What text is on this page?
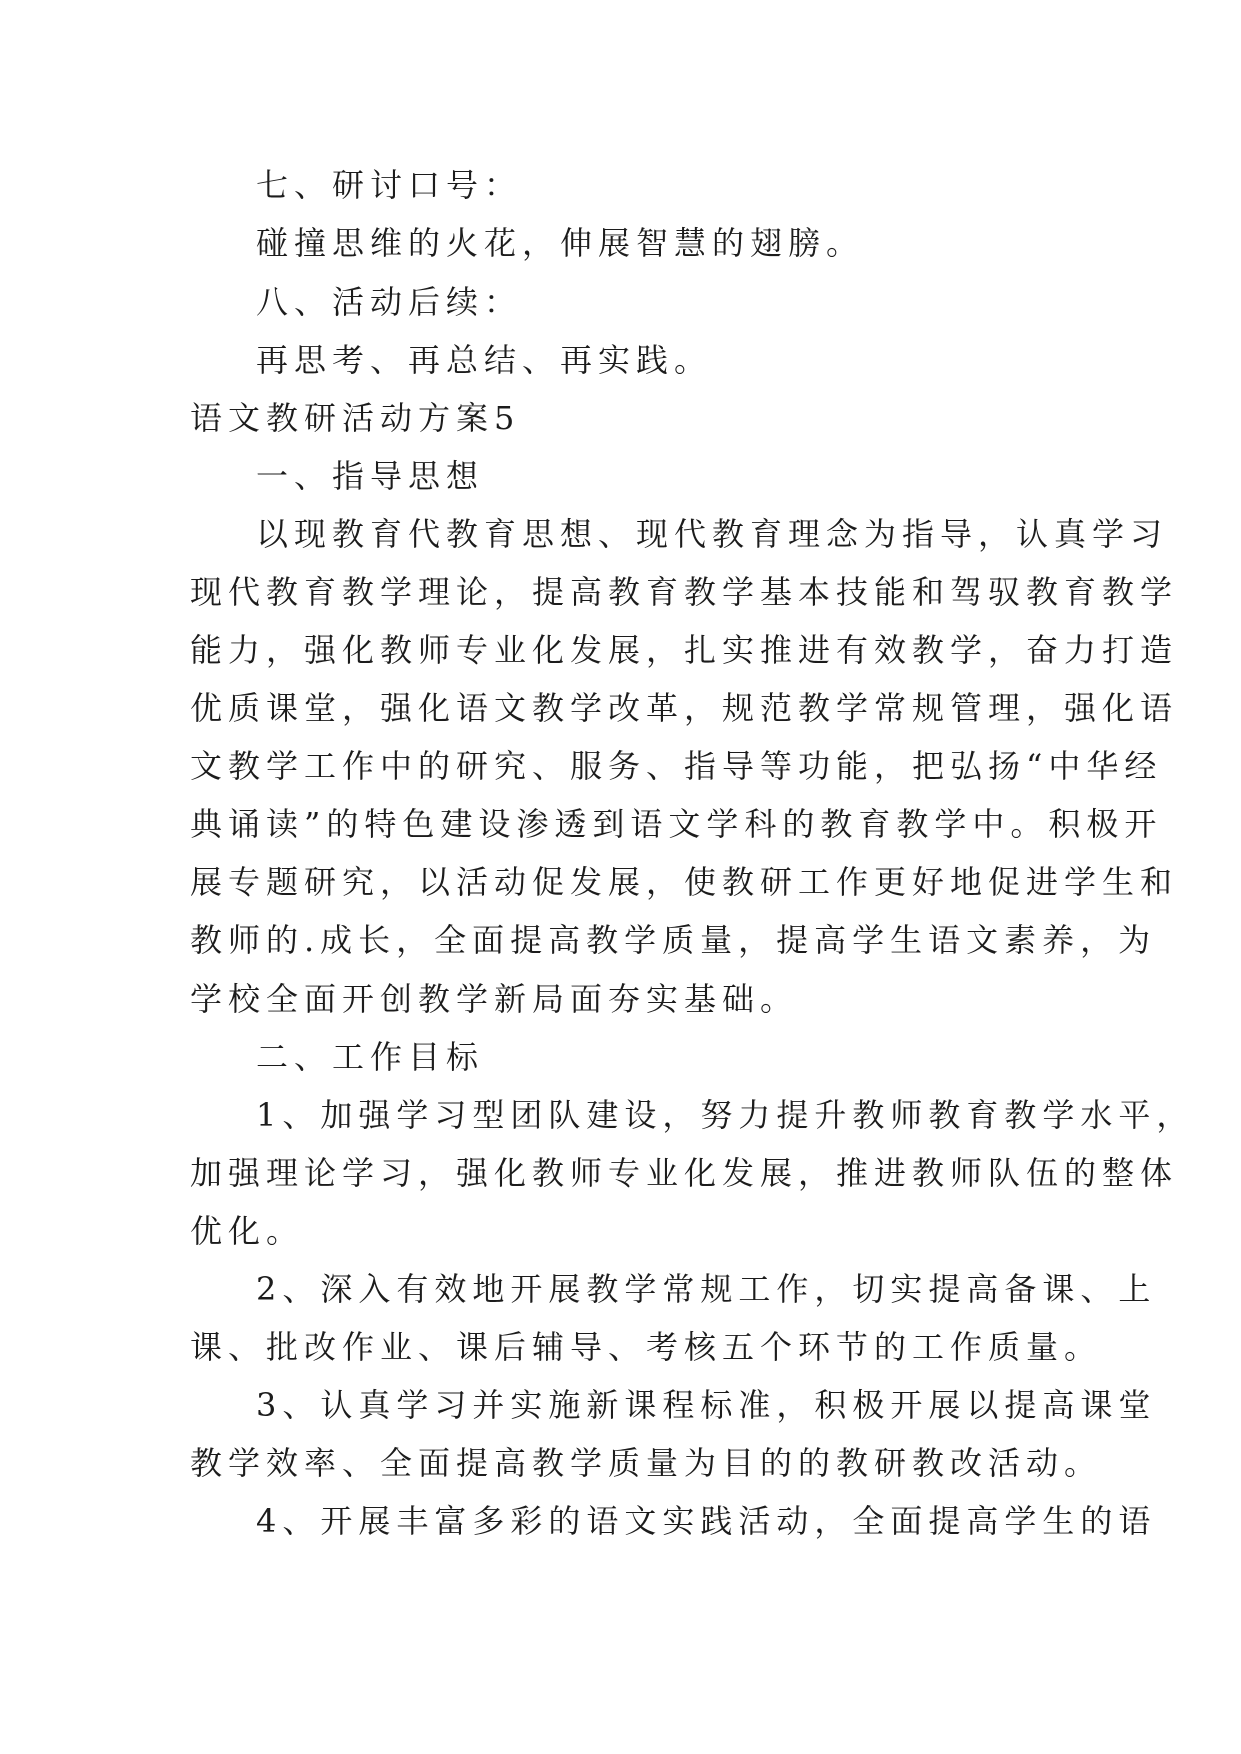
七、研讨口号：
碰撞思维的火花，伸展智慧的翅膀。
八、活动后续：
再思考、再总结、再实践。
语文教研活动方案5
一、指导思想
以现教育代教育思想、现代教育理念为指导，认真学习
现代教育教学理论，提高教育教学基本技能和驾驭教育教学
能力，强化教师专业化发展，扎实推进有效教学，奋力打造
优质课堂，强化语文教学改革，规范教学常规管理，强化语
文教学工作中的研究、服务、指导等功能，把弘扬“中华经
典诵读”的特色建设渗透到语文学科的教育教学中。积极开
展专题研究，以活动促发展，使教研工作更好地促进学生和
教师的.成长，全面提高教学质量，提高学生语文素养，为
学校全面开创教学新局面夯实基础。
二、工作目标
1、加强学习型团队建设，努力提升教师教育教学水平，
加强理论学习，强化教师专业化发展，推进教师队伍的整体
优化。
2、深入有效地开展教学常规工作，切实提高备课、上
课、批改作业、课后辅导、考核五个环节的工作质量。
3、认真学习并实施新课程标准，积极开展以提高课堂
教学效率、全面提高教学质量为目的的教研教改活动。
4、开展丰富多彩的语文实践活动，全面提高学生的语
